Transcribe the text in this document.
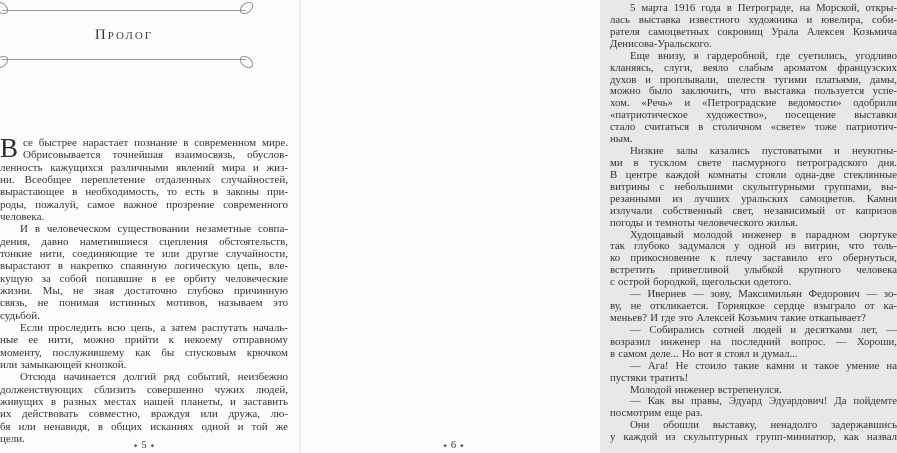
Пролог
В се быстрее нарастает познание в современном мире.
Обрисовывается точнейшая взаимосвязь, обуслов-
ленность кажущихся различными явлений мира и жиз-
ни. Всеобщее переплетение отдаленных случайностей,
вырастающее в необходимость, то есть в законы при-
роды, пожалуй, самое важное прозрение современного
человека.
И в человеческом существовании незаметные совпа-
дения, давно наметившиеся сцепления обстоятельств,
тонкие нити, соединяющие те или другие случайности,
вырастают в накрепко спаянную логическую цепь, вле-
кущую за собой попавшие в ее орбиту человеческие
жизни. Мы, не зная достаточно глубоко причинную
связь, не понимая истинных мотивов, называем это
судьбой.
Если проследить всю цепь, а затем распутать началь-
ные ее нити, можно прийти к некоему отправному
моменту, послужившему как бы спусковым крючком
или замыкающей кнопкой.
Отсюда начинается долгий ряд событий, неизбежно
долженствующих сблизить совершенно чужих людей,
живущих в разных местах нашей планеты, и заставить
их действовать совместно, враждуя или дружа, лю-
бя или ненавидя, в общих исканиях одной и той же
цели.
✦ 5 ✦
5 марта 1916 года в Петрограде, на Морской, откры-
лась выставка известного художника и ювелира, соби-
рателя самоцветных сокровищ Урала Алексея Козьмича
Денисова-Уральского.
Еще внизу, в гардеробной, где суетились, угодливо
кланяясь, слуги, веяло слабым ароматом французских
духов и проплывали, шелестя тугими платьями, дамы,
можно было заключить, что выставка пользуется успе-
хом. «Речь» и «Петроградские ведомости» одобрили
«патриотическое художество», посещение выставки
стало считаться в столичном «свете» тоже патриотич-
ным.
Низкие залы казались пустоватыми и неуютны-
ми в тусклом свете пасмурного петроградского дня.
В центре каждой комнаты стояли одна-две стеклянные
витрины с небольшими скульптурными группами, вы-
резанными из лучших уральских самоцветов. Камни
излучали собственный свет, независимый от капризов
погоды и темноты человеческого жилья.
Худощавый молодой инженер в парадном сюртуке
так глубоко задумался у одной из витрин, что толь-
ко прикосновение к плечу заставило его обернуться,
встретить приветливой улыбкой крупного человека
с острой бородкой, щегольски одетого.
— Ивернев — зову, Максимильян Федорович — зо-
ву, не откликается. Горняцкое сердце взыграло от ка-
меньев? И где это Алексей Козьмич такие откапывает?
— Собирались сотней людей и десятками лет, —
возразил инженер на последний вопрос. — Хороши,
в самом деле... Но вот я стоял и думал...
— Ага! Не стоило такие камни и такое умение на
пустяки тратить!
Молодой инженер встрепенулся.
— Как вы правы, Эдуард Эдуардович! Да пойдемте
посмотрим еще раз.
Они обошли выставку, ненадолго задержавшись
у каждой из скульптурных групп-миниатюр, как назвал
✦ 6 ✦
